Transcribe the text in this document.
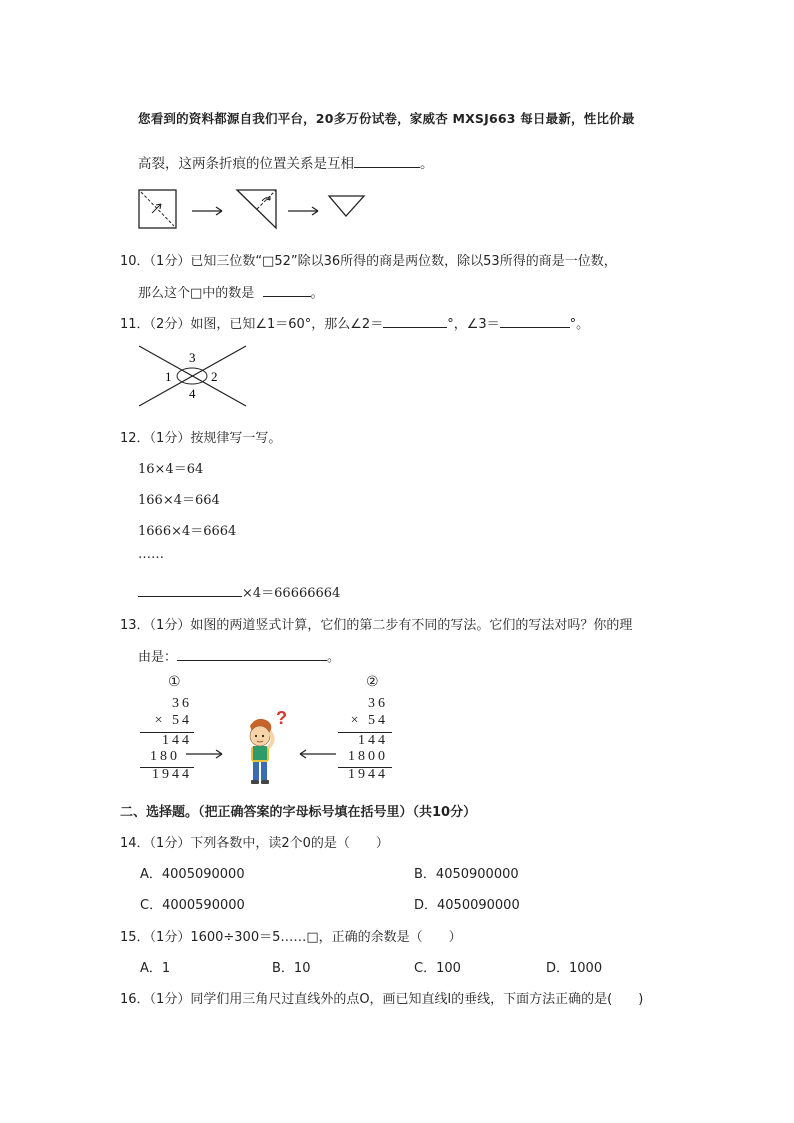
您看到的资料都源自我们平台，20多万份试卷，家威杏 MXSJ663 每日最新，性比价最
高裂，这两条折痕的位置关系是互相	。
10．（1分）已知三位数“□52”除以36所得的商是两位数，除以53所得的商是一位数，
那么这个□中的数是	。
11．（2分）如图，已知∠1＝60°，那么∠2＝	°，∠3＝	°。
3
1	2
4
12．（1分）按规律写一写。
16×4＝64
166×4＝664
1666×4＝6664
……
×4＝66666664
13．（1分）如图的两道竖式计算，它们的第二步有不同的写法。它们的写法对吗？你的理
由是：	。
①
36
× 54
144
180
1944
?
②
36
× 54
144
1800
1944
二、选择题。（把正确答案的字母标号填在括号里）（共10分）
14．（1分）下列各数中，读2个0的是（　　）
A．4005090000	B．4050900000
C．4000590000	D．4050090000
15．（1分）1600÷300＝5……□，正确的余数是（　　）
A．1	B．10	C．100	D．1000
16．（1分）同学们用三角尺过直线外的点O，画已知直线l的垂线，下面方法正确的是(　　)
